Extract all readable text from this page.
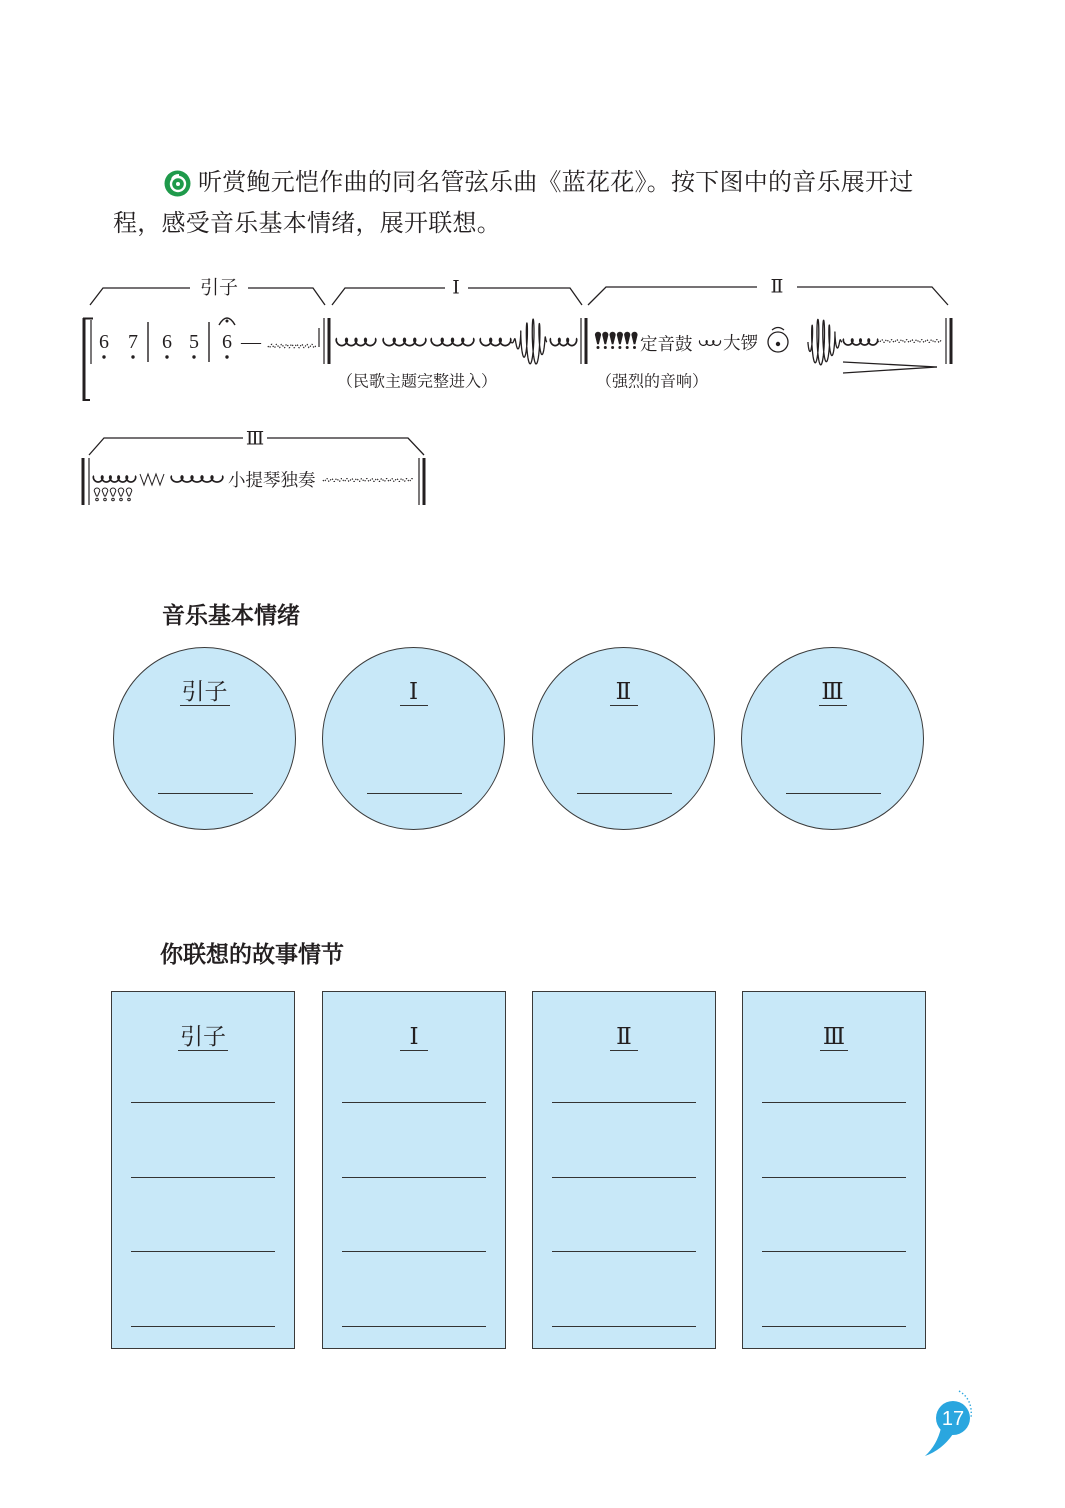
听赏鲍元恺作曲的同名管弦乐曲《蓝花花》。按下图中的音乐展开过
程，感受音乐基本情绪，展开联想。
引子	Ⅰ	Ⅱ
Ⅲ
6 7 6 5 6 —	定音鼓 大锣
小提琴独奏
（民歌主题完整进入）	（强烈的音响）
音乐基本情绪
引子	Ⅰ	Ⅱ	Ⅲ
你联想的故事情节
引子	Ⅰ	Ⅱ	Ⅲ
17
